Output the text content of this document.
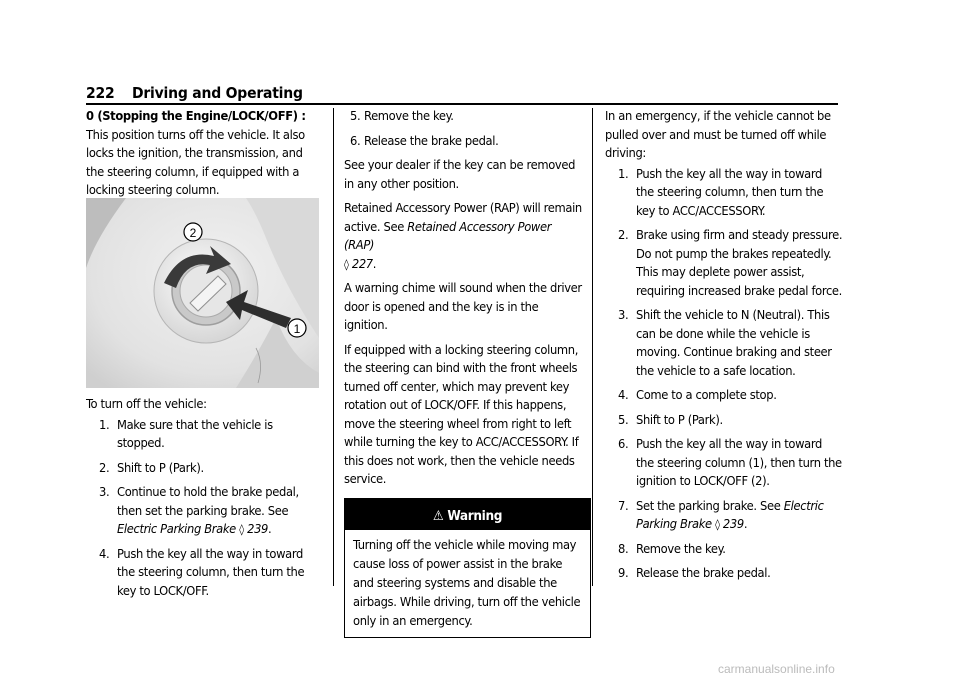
222 Driving and Operating

0 (Stopping the Engine/LOCK/OFF) : This position turns off the vehicle. It also locks the ignition, the transmission, and the steering column, if equipped with a locking steering column.

2
1

To turn off the vehicle:

1. Make sure that the vehicle is stopped.
2. Shift to P (Park).
3. Continue to hold the brake pedal, then set the parking brake. See Electric Parking Brake ◊ 239.
4. Push the key all the way in toward the steering column, then turn the key to LOCK/OFF.
5. Remove the key.
6. Release the brake pedal.

See your dealer if the key can be removed in any other position.

Retained Accessory Power (RAP) will remain active. See Retained Accessory Power (RAP)
◊ 227.

A warning chime will sound when the driver door is opened and the key is in the ignition.

If equipped with a locking steering column, the steering can bind with the front wheels turned off center, which may prevent key rotation out of LOCK/OFF. If this happens, move the steering wheel from right to left while turning the key to ACC/ACCESSORY. If this does not work, then the vehicle needs service.

⚠ Warning
Turning off the vehicle while moving may cause loss of power assist in the brake and steering systems and disable the airbags. While driving, turn off the vehicle only in an emergency.

In an emergency, if the vehicle cannot be pulled over and must be turned off while driving:

1. Push the key all the way in toward the steering column, then turn the key to ACC/ACCESSORY.
2. Brake using firm and steady pressure. Do not pump the brakes repeatedly. This may deplete power assist, requiring increased brake pedal force.
3. Shift the vehicle to N (Neutral). This can be done while the vehicle is moving. Continue braking and steer the vehicle to a safe location.
4. Come to a complete stop.
5. Shift to P (Park).
6. Push the key all the way in toward the steering column (1), then turn the ignition to LOCK/OFF (2).
7. Set the parking brake. See Electric Parking Brake ◊ 239.
8. Remove the key.
9. Release the brake pedal.
carmanualsonline.info
